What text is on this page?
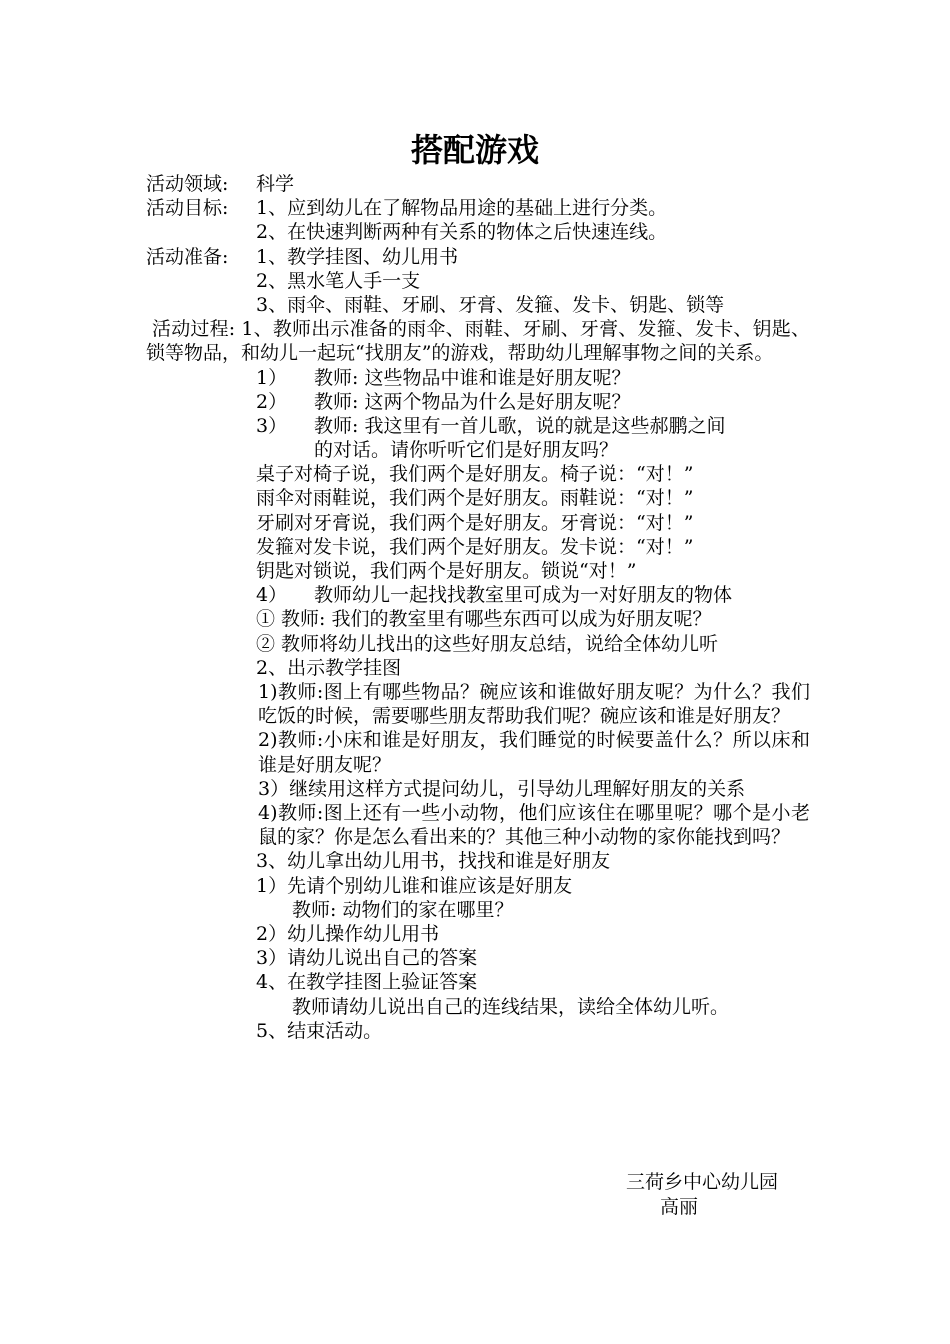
搭配游戏
活动领域: 科学
活动目标: 1、应到幼儿在了解物品用途的基础上进行分类。
2、在快速判断两种有关系的物体之后快速连线。
活动准备: 1、教学挂图、幼儿用书
2、黑水笔人手一支
3、雨伞、雨鞋、牙刷、牙膏、发箍、发卡、钥匙、锁等
活动过程: 1、教师出示准备的雨伞、雨鞋、牙刷、牙膏、发箍、发卡、钥匙、锁等物品，和幼儿一起玩“找朋友”的游戏，帮助幼儿理解事物之间的关系。
1） 教师: 这些物品中谁和谁是好朋友呢？
2） 教师: 这两个物品为什么是好朋友呢？
3） 教师: 我这里有一首儿歌，说的就是这些郝鹏之间
的对话。请你听听它们是好朋友吗？
桌子对椅子说，我们两个是好朋友。椅子说：“对！”
雨伞对雨鞋说，我们两个是好朋友。雨鞋说：“对！”
牙刷对牙膏说，我们两个是好朋友。牙膏说：“对！”
发箍对发卡说，我们两个是好朋友。发卡说：“对！”
钥匙对锁说，我们两个是好朋友。锁说“对！”
4） 教师幼儿一起找找教室里可成为一对好朋友的物体
① 教师: 我们的教室里有哪些东西可以成为好朋友呢？
② 教师将幼儿找出的这些好朋友总结，说给全体幼儿听
2、出示教学挂图
1)教师:图上有哪些物品？碗应该和谁做好朋友呢？为什么？我们吃饭的时候，需要哪些朋友帮助我们呢？碗应该和谁是好朋友？
2)教师:小床和谁是好朋友，我们睡觉的时候要盖什么？所以床和谁是好朋友呢？
3）继续用这样方式提问幼儿，引导幼儿理解好朋友的关系
4)教师:图上还有一些小动物，他们应该住在哪里呢？哪个是小老鼠的家？你是怎么看出来的？其他三种小动物的家你能找到吗？
3、幼儿拿出幼儿用书，找找和谁是好朋友
1）先请个别幼儿谁和谁应该是好朋友
教师: 动物们的家在哪里？
2）幼儿操作幼儿用书
3）请幼儿说出自己的答案
4、在教学挂图上验证答案
教师请幼儿说出自己的连线结果，读给全体幼儿听。
5、结束活动。
三荷乡中心幼儿园
高丽
